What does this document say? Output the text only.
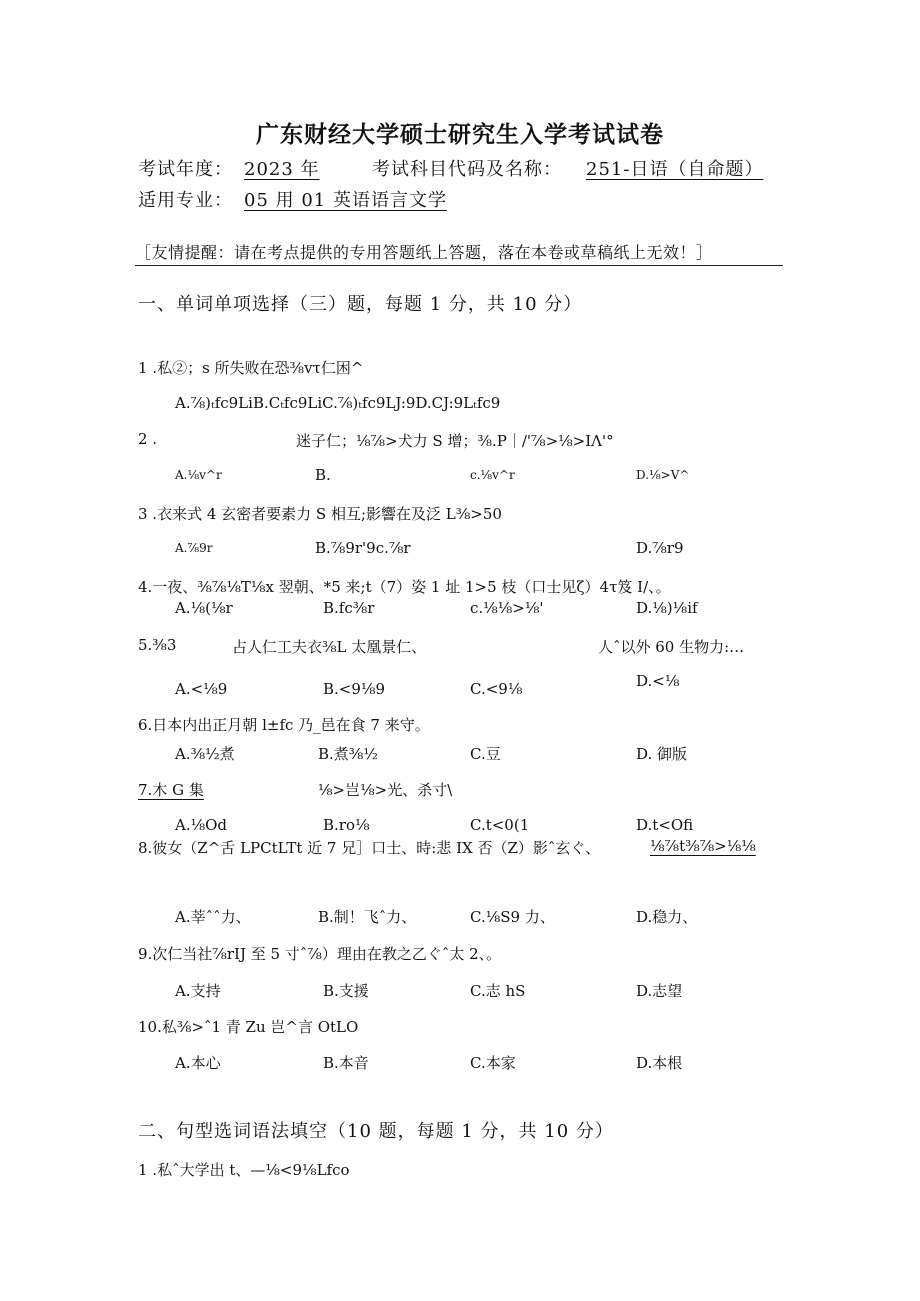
广东财经大学硕士研究生入学考试试卷
考试年度： 2023 年	考试科目代码及名称： 251-日语（自命题）
适用专业： 05 用 01 英语语言文学
［友情提醒：请在考点提供的专用答题纸上答题，落在本卷或草稿纸上无效！］
一、单词单项选择（三）题，每题 1 分，共 10 分）
1 .私②；s 所失败在恐⅜vτ仁困^
A.⅞)ₜfc9LiB.Cₜfc9LiC.⅞)ₜfc9LJ:9D.CJ:9Lₜfc9
2 .	迷子仁；⅛⅞>犬力 S 增；⅜.P｜/'⅞>⅛>IΛ'°
A.⅛v^r	B.	c.⅛v^r	D.⅛>V^
3 .衣来式 4 玄密者要素力 S 相互;影響在及泛 L⅜>50
A.⅞9r	B.⅞9r'9c.⅞r	D.⅞r9
4.一夜、⅜⅞⅛T⅛x 翌朝、*5 来;t（7）姿 1 址 1>5 枝（口士见ζ）4τ笈 I/、。
A.⅛(⅛r	B.fc⅜r	c.⅛⅛>⅛'	D.⅛)⅛if
5.⅜3	占人仁工夫衣⅜L 太凰景仁、	人ˆ以外 60 生物力:…
A.<⅛9	B.<9⅛9	C.<9⅛	D.<⅛
6.日本内出正月朝 l±fc 乃_邑在食 7 来守。
A.⅜½煮	B.煮⅜½	C.豆	D. 御版
7.木 G 集	⅛>岂⅛>光、杀寸\
A.⅛Od	B.ro⅛	C.t<0(1	D.t<Ofi
8.彼女（Z^舌 LPCtLTt 近 7 兄］口士、時:悲 IX 否（Z）影ˆ玄ぐ、	⅛⅞t⅜⅞>⅛⅛
A.莘ˆˆ力、	B.制！飞ˆ力、	C.⅛S9 力、	D.稳力、
9.次仁当社⅞rIJ 至 5 寸ˆ⅞）理由在教之乙ぐˆ太 2、。
A.支持	B.支援	C.志 hS	D.志望
10.私⅜>ˆ1 青 Zu 岂^言 OtLO
A.本心	B.本音	C.本家	D.本根
二、句型选词语法填空（10 题，每题 1 分，共 10 分）
1 .私ˆ大学出 t、—⅛<9⅛Lfco
